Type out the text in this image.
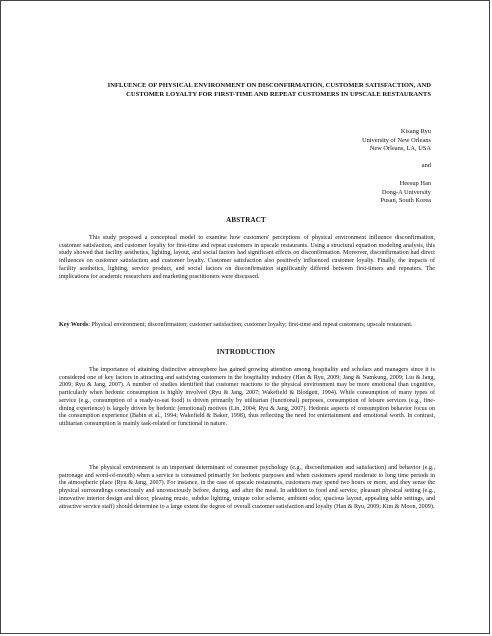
INFLUENCE OF PHYSICAL ENVIRONMENT ON DISCONFIRMATION, CUSTOMER SATISFACTION, AND CUSTOMER LOYALTY FOR FIRST-TIME AND REPEAT CUSTOMERS IN UPSCALE RESTAURANTS
Kisang Ryu
University of New Orleans
New Orleans, LA, USA
and
Heesup Han
Dong-A University
Pusan, South Korea
ABSTRACT
This study proposed a conceptual model to examine how customers' perceptions of physical environment influence disconfirmation, customer satisfaction, and customer loyalty for first-time and repeat customers in upscale restaurants. Using a structural equation modeling analysis, this study showed that facility aesthetics, lighting, layout, and social factors had significant effects on disconfirmation. Moreover, disconfirmation had direct influences on customer satisfaction and customer loyalty. Customer satisfaction also positively influenced customer loyalty. Finally, the impacts of facility aesthetics, lighting, service product, and social factors on disconfirmation significantly differed between first-timers and repeaters. The implications for academic researchers and marketing practitioners were discussed.
Key Words: Physical environment; disconfirmation; customer satisfaction; customer loyalty; first-time and repeat customers; upscale restaurant.
INTRODUCTION
The importance of attaining distinctive atmosphere has gained growing attention among hospitality and scholars and managers since it is considered one of key factors in attracting and satisfying customers in the hospitality industry (Han & Ryu, 2009; Jang & Namkung, 2009; Liu & Jang, 2009; Ryu & Jang, 2007). A number of studies identified that customer reactions to the physical environment may be more emotional than cognitive, particularly when hedonic consumption is highly involved (Ryu & Jang, 2007; Wakefield & Blodgett, 1994). While consumption of many types of service (e.g., consumption of a ready-to-eat food) is driven primarily by utilitarian (functional) purposes, consumption of leisure services (e.g., fine-dining experience) is largely driven by hedonic (emotional) motives (Lin, 2004; Ryu & Jang, 2007). Hedonic aspects of consumption behavior focus on the consumption experience (Babin et al., 1994; Wakefield & Baker, 1998), thus reflecting the need for entertainment and emotional worth. In contrast, utilitarian consumption is mainly task-related or functional in nature.
The physical environment is an important determinant of consumer psychology (e.g., disconfirmation and satisfaction) and behavior (e.g., patronage and word-of-mouth) when a service is consumed primarily for hedonic purposes and when customers spend moderate to long time periods in the atmospheric place (Ryu & Jang, 2007). For instance, in the case of upscale restaurants, customers may spend two hours or more, and they sense the physical surroundings consciously and unconsciously before, during, and after the meal. In addition to food and service, pleasant physical setting (e.g., innovative interior design and décor, pleasing music, subdue lighting, unique color scheme, ambient odor, spacious layout, appealing table settings, and attractive service staff) should determine to a large extent the degree of overall customer satisfaction and loyalty (Han & Ryu, 2009; Kim & Moon, 2009).
